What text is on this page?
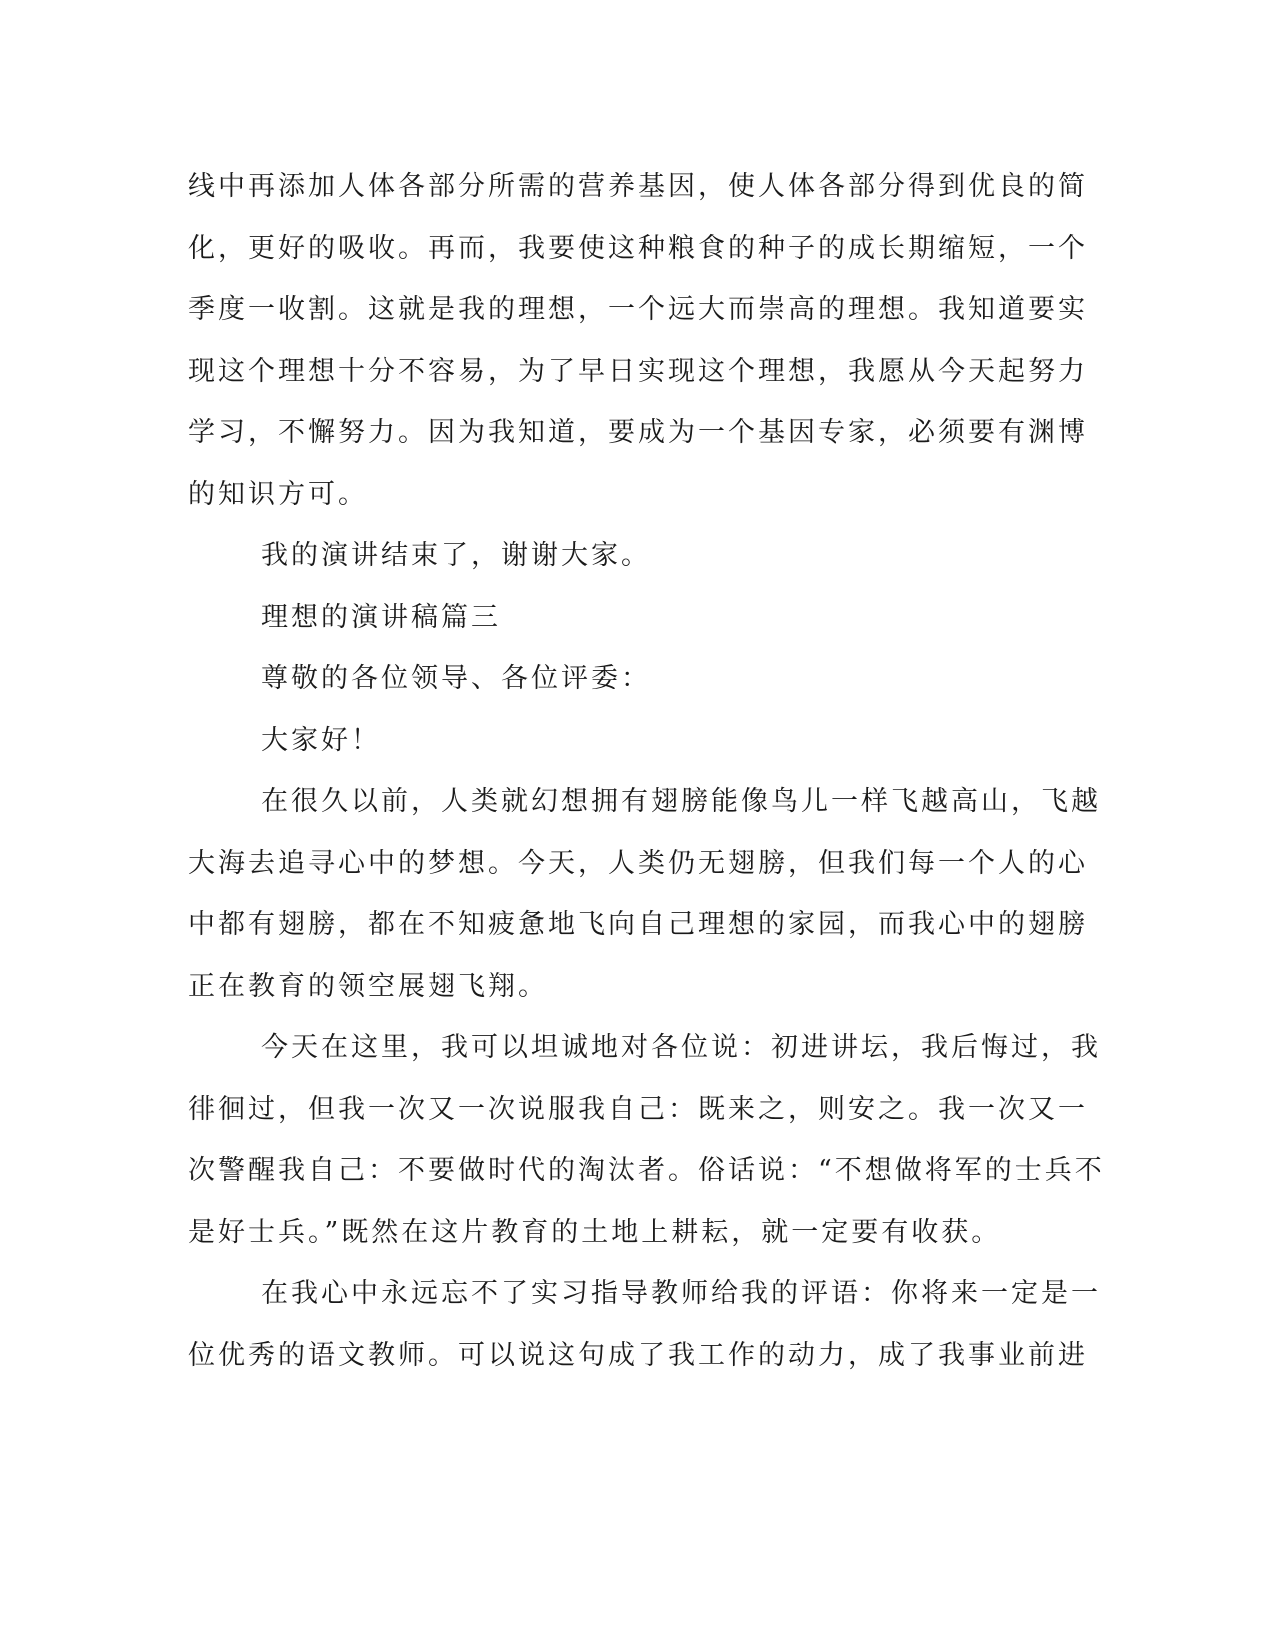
线中再添加人体各部分所需的营养基因，使人体各部分得到优良的简
化，更好的吸收。再而，我要使这种粮食的种子的成长期缩短，一个
季度一收割。这就是我的理想，一个远大而崇高的理想。我知道要实
现这个理想十分不容易，为了早日实现这个理想，我愿从今天起努力
学习，不懈努力。因为我知道，要成为一个基因专家，必须要有渊博
的知识方可。
我的演讲结束了，谢谢大家。
理想的演讲稿篇三
尊敬的各位领导、各位评委：
大家好！
在很久以前，人类就幻想拥有翅膀能像鸟儿一样飞越高山，飞越
大海去追寻心中的梦想。今天，人类仍无翅膀，但我们每一个人的心
中都有翅膀，都在不知疲惫地飞向自己理想的家园，而我心中的翅膀
正在教育的领空展翅飞翔。
今天在这里，我可以坦诚地对各位说：初进讲坛，我后悔过，我
徘徊过，但我一次又一次说服我自己：既来之，则安之。我一次又一
次警醒我自己：不要做时代的淘汰者。俗话说：“不想做将军的士兵不
是好士兵。”既然在这片教育的土地上耕耘，就一定要有收获。
在我心中永远忘不了实习指导教师给我的评语：你将来一定是一
位优秀的语文教师。可以说这句成了我工作的动力，成了我事业前进
